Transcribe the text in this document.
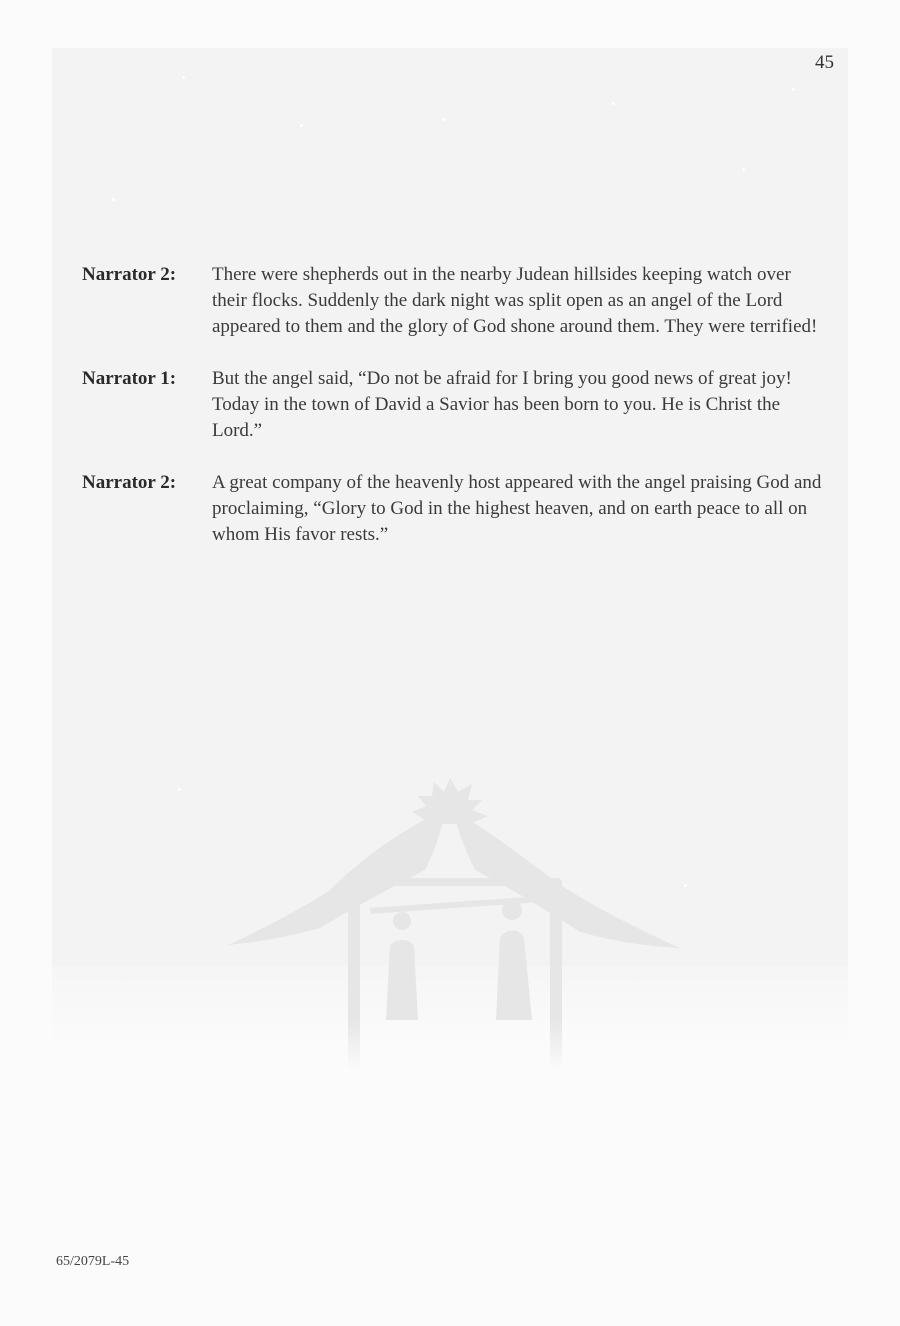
45
Narrator 2:	There were shepherds out in the nearby Judean hillsides keeping watch over their flocks. Suddenly the dark night was split open as an angel of the Lord appeared to them and the glory of God shone around them. They were terrified!
Narrator 1:	But the angel said, “Do not be afraid for I bring you good news of great joy! Today in the town of David a Savior has been born to you. He is Christ the Lord.”
Narrator 2:	A great company of the heavenly host appeared with the angel praising God and proclaiming, “Glory to God in the highest heaven, and on earth peace to all on whom His favor rests.”
65/2079L-45
